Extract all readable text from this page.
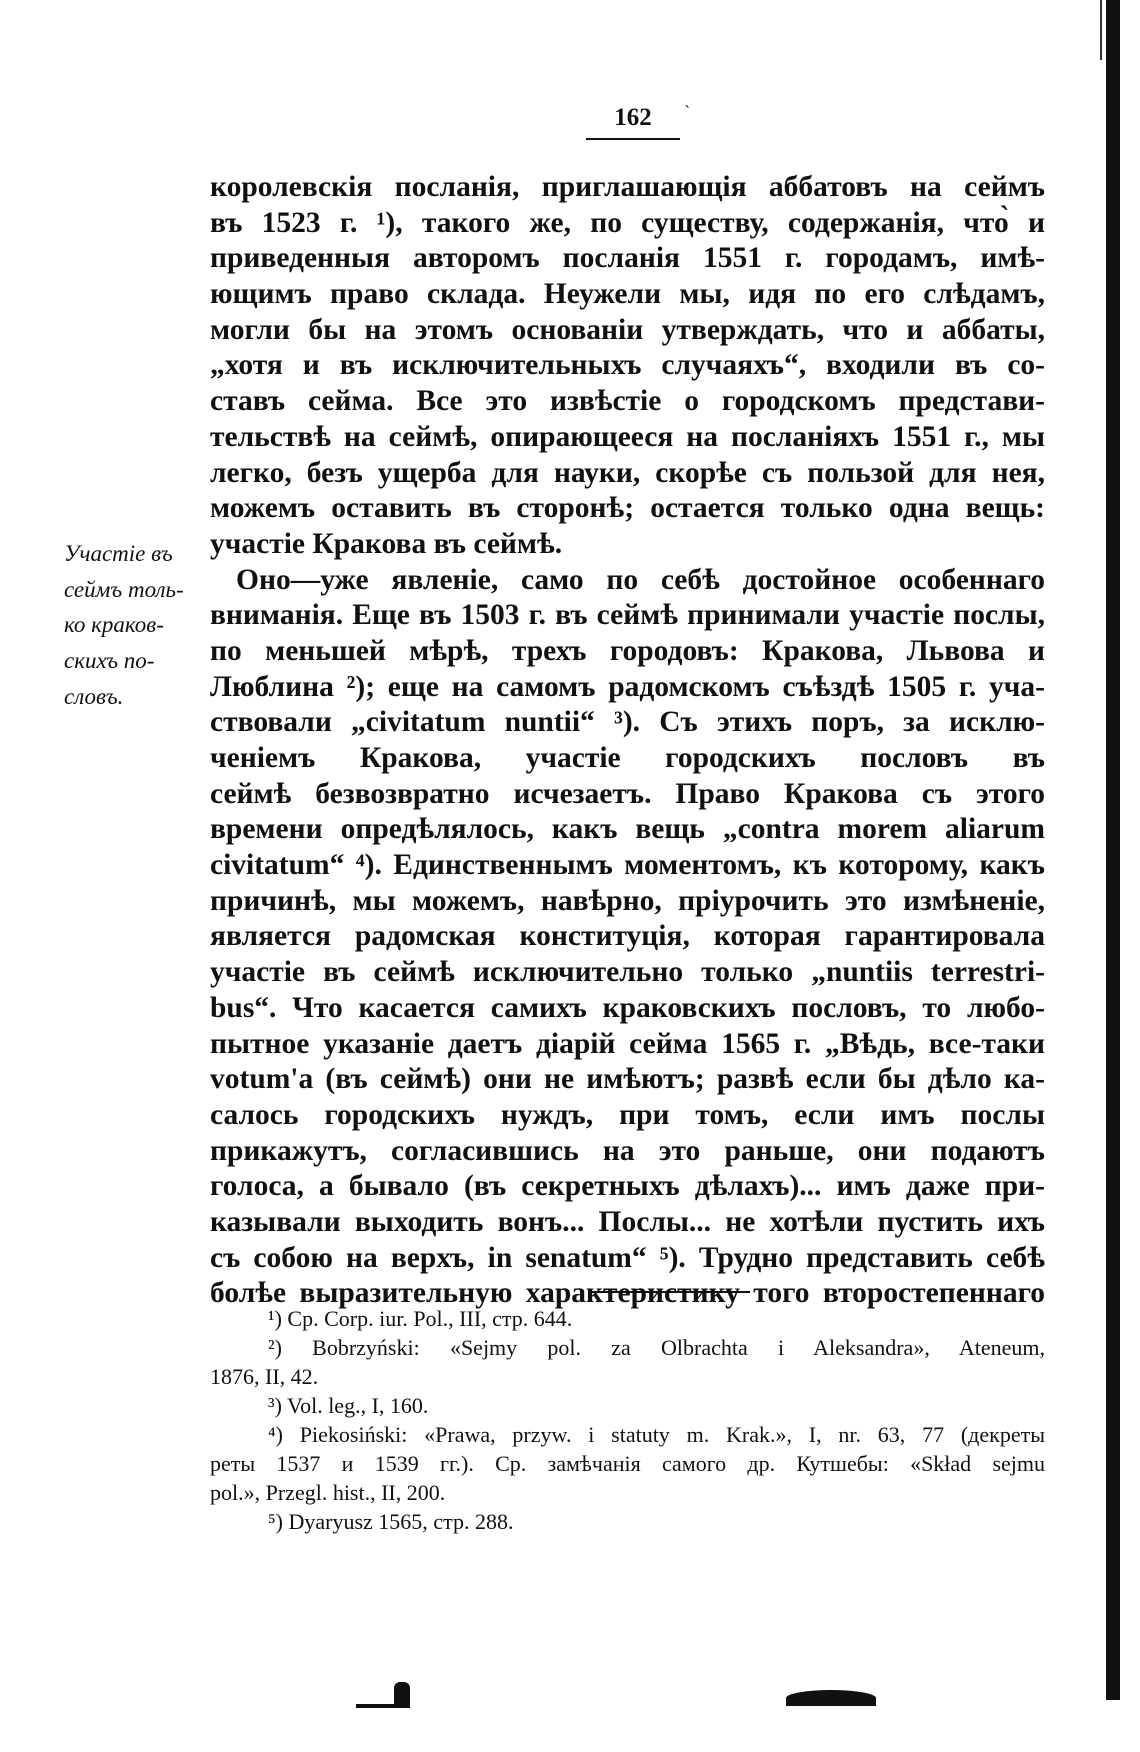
162	`
королевскія посланія, приглашающія аббатовъ на сеймъ
въ 1523 г. ¹), такого же, по существу, содержанія, что̀ и
приведенныя авторомъ посланія 1551 г. городамъ, имѣ-
ющимъ право склада. Неужели мы, идя по его слѣдамъ,
могли бы на этомъ основаніи утверждать, что и аббаты,
„хотя и въ исключительныхъ случаяхъ“, входили въ со-
ставъ сейма. Все это извѣстіе о городскомъ представи-
тельствѣ на сеймѣ, опирающееся на посланіяхъ 1551 г., мы
легко, безъ ущерба для науки, скорѣе съ пользой для нея,
можемъ оставить въ сторонѣ; остается только одна вещь:
участіе Кракова въ сеймѣ.
Оно—уже явленіе, само по себѣ достойное особеннаго
вниманія. Еще въ 1503 г. въ сеймѣ принимали участіе послы,
по меньшей мѣрѣ, трехъ городовъ: Кракова, Львова и
Люблина ²); еще на самомъ радомскомъ съѣздѣ 1505 г. уча-
ствовали „civitatum nuntii“ ³). Съ этихъ поръ, за исклю-
ченіемъ Кракова, участіе городскихъ пословъ въ
сеймѣ безвозвратно исчезаетъ. Право Кракова съ этого
времени опредѣлялось, какъ вещь „contra morem aliarum
civitatum“ ⁴). Единственнымъ моментомъ, къ которому, какъ
причинѣ, мы можемъ, навѣрно, пріурочить это измѣненіе,
является радомская конституція, которая гарантировала
участіе въ сеймѣ исключительно только „nuntiis terrestri-
bus“. Что касается самихъ краковскихъ пословъ, то любо-
пытное указаніе даетъ діарій сейма 1565 г. „Вѣдь, все-таки
votum'а (въ сеймѣ) они не имѣютъ; развѣ если бы дѣло ка-
салось городскихъ нуждъ, при томъ, если имъ послы
прикажутъ, согласившись на это раньше, они подаютъ
голоса, а бывало (въ секретныхъ дѣлахъ)... имъ даже при-
казывали выходить вонъ... Послы... не хотѣли пустить ихъ
съ собою на верхъ, in senatum“ ⁵). Трудно представить себѣ
болѣе выразительную характеристику того второстепеннаго
Участіе въ
сеймъ толь-
ко краков-
скихъ по-
словъ.
¹) Cp. Corp. iur. Pol., III, стр. 644.
²) Bobrzyński: «Sejmy pol. za Olbrachta i Aleksandra», Ateneum,
1876, II, 42.
³) Vol. leg., I, 160.
⁴) Piekosiński: «Prawa, przyw. i statuty m. Krak.», I, nr. 63, 77 (декреты
реты 1537 и 1539 гг.). Cp. замѣчанія самого др. Кутшебы: «Skład sejmu
pol.», Przegl. hist., II, 200.
⁵) Dyaryusz 1565, стр. 288.
